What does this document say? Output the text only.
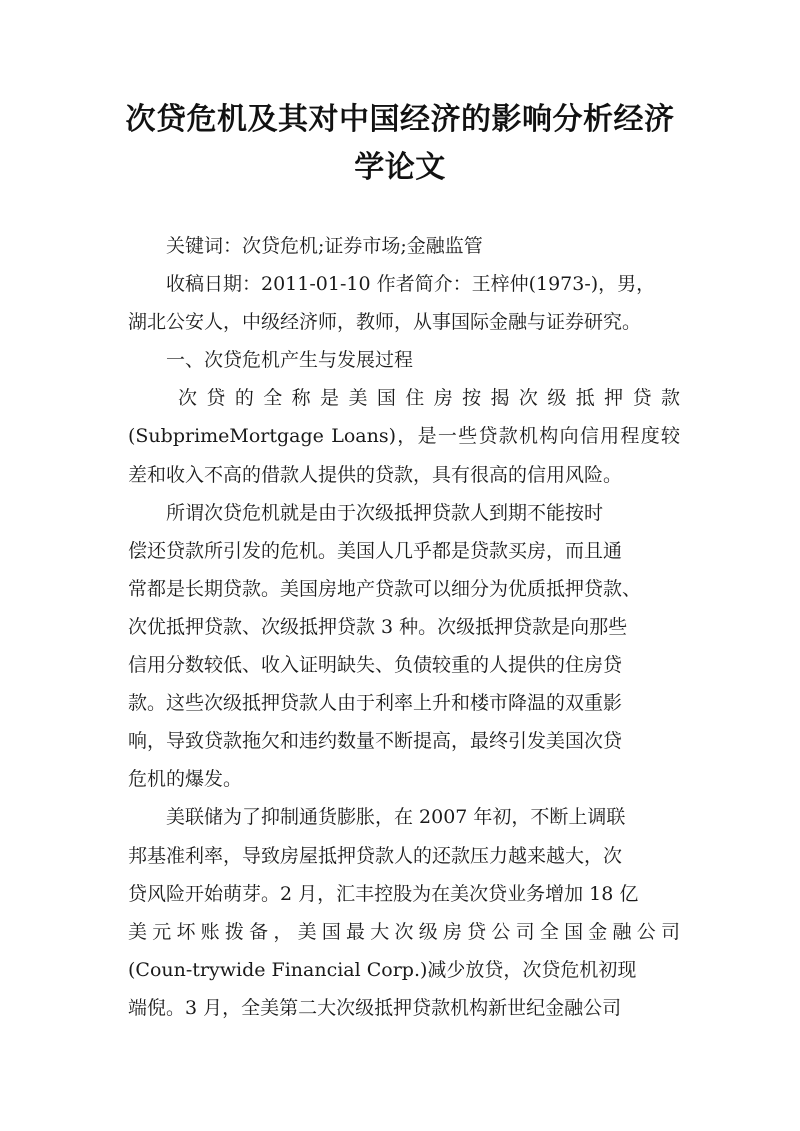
次贷危机及其对中国经济的影响分析经济
学论文
关键词：次贷危机;证券市场;金融监管
收稿日期：2011-01-10 作者简介：王梓仲(1973-)，男，
湖北公安人，中级经济师，教师，从事国际金融与证券研究。
一、次贷危机产生与发展过程
次 贷 的 全 称 是 美 国 住 房 按 揭 次 级 抵 押 贷 款
(SubprimeMortgage Loans)，是一些贷款机构向信用程度较
差和收入不高的借款人提供的贷款，具有很高的信用风险。
所谓次贷危机就是由于次级抵押贷款人到期不能按时
偿还贷款所引发的危机。美国人几乎都是贷款买房，而且通
常都是长期贷款。美国房地产贷款可以细分为优质抵押贷款、
次优抵押贷款、次级抵押贷款 3 种。次级抵押贷款是向那些
信用分数较低、收入证明缺失、负债较重的人提供的住房贷
款。这些次级抵押贷款人由于利率上升和楼市降温的双重影
响，导致贷款拖欠和违约数量不断提高，最终引发美国次贷
危机的爆发。
美联储为了抑制通货膨胀，在 2007 年初，不断上调联
邦基准利率，导致房屋抵押贷款人的还款压力越来越大，次
贷风险开始萌芽。2 月，汇丰控股为在美次贷业务增加 18 亿
美元坏账拨备，美国最大次级房贷公司全国金融公司
(Coun-trywide Financial Corp.)减少放贷，次贷危机初现
端倪。3 月，全美第二大次级抵押贷款机构新世纪金融公司
